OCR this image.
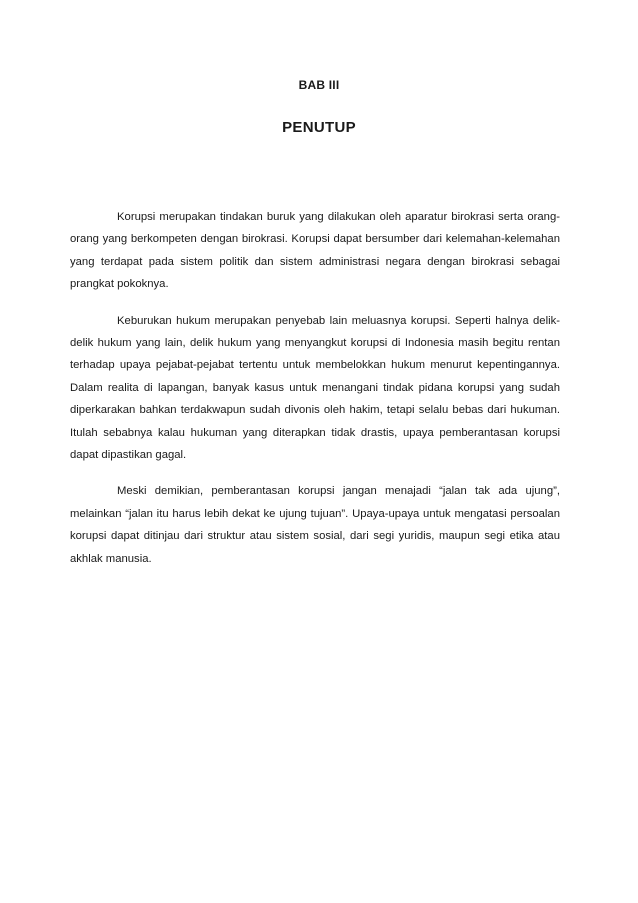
BAB III
PENUTUP

Korupsi merupakan tindakan buruk yang dilakukan oleh aparatur birokrasi serta orang-orang yang berkompeten dengan birokrasi. Korupsi dapat bersumber dari kelemahan-kelemahan yang terdapat pada sistem politik dan sistem administrasi negara dengan birokrasi sebagai prangkat pokoknya.

Keburukan hukum merupakan penyebab lain meluasnya korupsi. Seperti halnya delik-delik hukum yang lain, delik hukum yang menyangkut korupsi di Indonesia masih begitu rentan terhadap upaya pejabat-pejabat tertentu untuk membelokkan hukum menurut kepentingannya. Dalam realita di lapangan, banyak kasus untuk menangani tindak pidana korupsi yang sudah diperkarakan bahkan terdakwapun sudah divonis oleh hakim, tetapi selalu bebas dari hukuman. Itulah sebabnya kalau hukuman yang diterapkan tidak drastis, upaya pemberantasan korupsi dapat dipastikan gagal.

Meski demikian, pemberantasan korupsi jangan menajadi “jalan tak ada ujung”, melainkan “jalan itu harus lebih dekat ke ujung tujuan”. Upaya-upaya untuk mengatasi persoalan korupsi dapat ditinjau dari struktur atau sistem sosial, dari segi yuridis, maupun segi etika atau akhlak manusia.
